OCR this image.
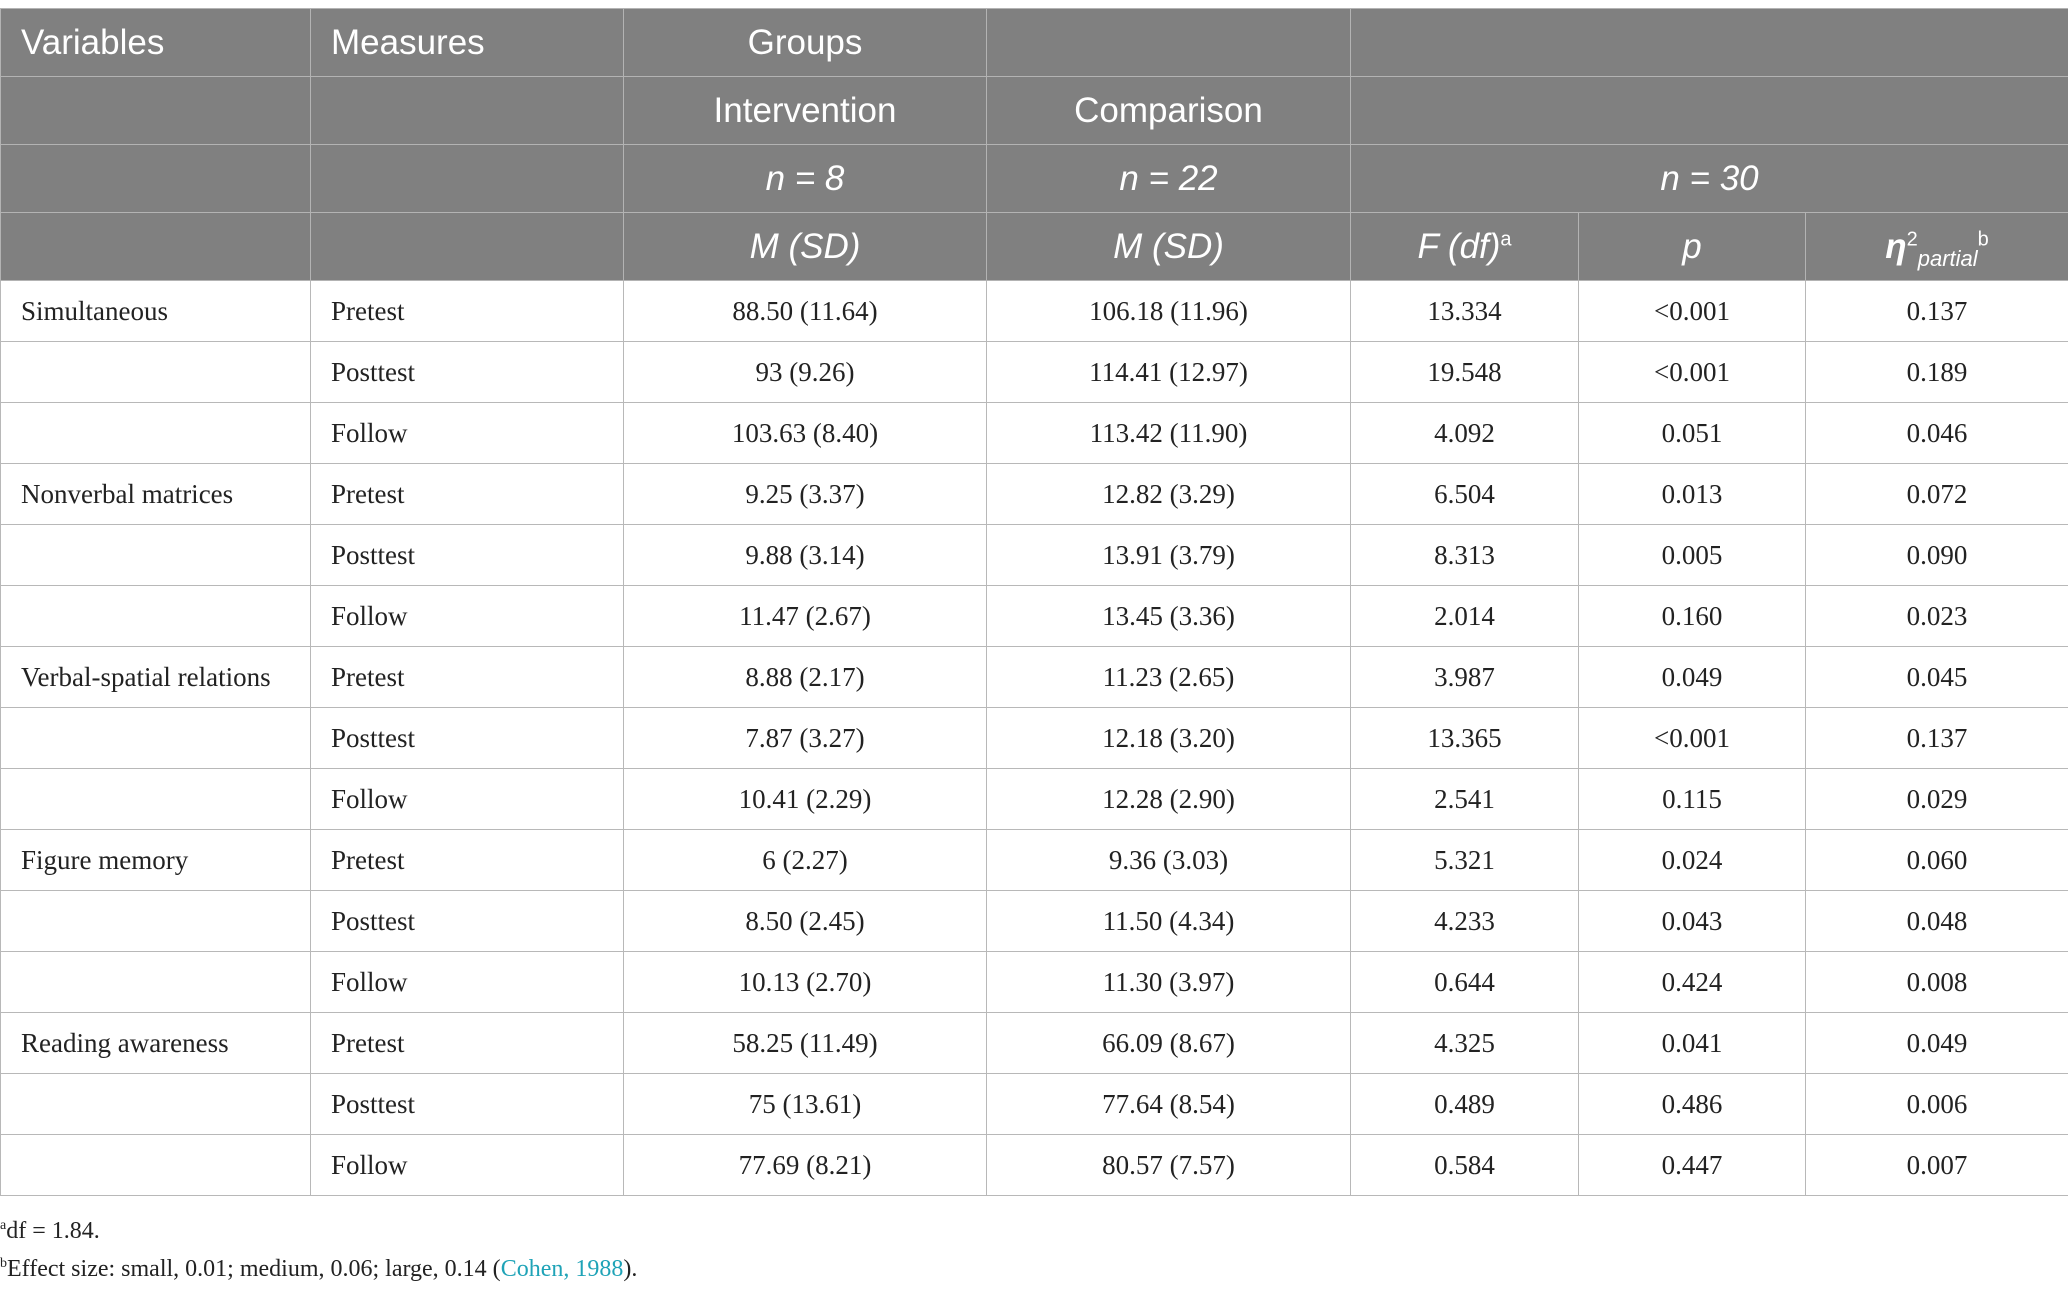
Variables	Measures	Groups				
		Intervention	Comparison			
		n = 8	n = 22	n = 30		
		M (SD)	M (SD)	F (df)$^a$	p	$\eta^2_{partial}^b$
Simultaneous	Pretest	88.50 (11.64)	106.18 (11.96)	13.334	<0.001	0.137
	Posttest	93 (9.26)	114.41 (12.97)	19.548	<0.001	0.189
	Follow	103.63 (8.40)	113.42 (11.90)	4.092	0.051	0.046
Nonverbal matrices	Pretest	9.25 (3.37)	12.82 (3.29)	6.504	0.013	0.072
	Posttest	9.88 (3.14)	13.91 (3.79)	8.313	0.005	0.090
	Follow	11.47 (2.67)	13.45 (3.36)	2.014	0.160	0.023
Verbal-spatial relations	Pretest	8.88 (2.17)	11.23 (2.65)	3.987	0.049	0.045
	Posttest	7.87 (3.27)	12.18 (3.20)	13.365	<0.001	0.137
	Follow	10.41 (2.29)	12.28 (2.90)	2.541	0.115	0.029
Figure memory	Pretest	6 (2.27)	9.36 (3.03)	5.321	0.024	0.060
	Posttest	8.50 (2.45)	11.50 (4.34)	4.233	0.043	0.048
	Follow	10.13 (2.70)	11.30 (3.97)	0.644	0.424	0.008
Reading awareness	Pretest	58.25 (11.49)	66.09 (8.67)	4.325	0.041	0.049
	Posttest	75 (13.61)	77.64 (8.54)	0.489	0.486	0.006
	Follow	77.69 (8.21)	80.57 (7.57)	0.584	0.447	0.007
$^a$df = 1.84.
$^b$Effect size: small, 0.01; medium, 0.06; large, 0.14 (Cohen, 1988).
